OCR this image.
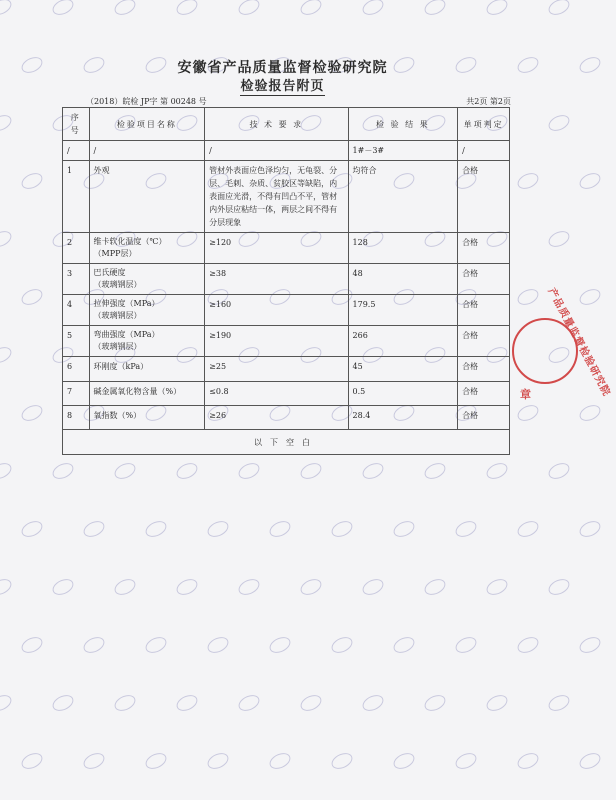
安徽省产品质量监督检验研究院
检验报告附页
（2018）皖检 JP字 第 00248 号	共2页 第2页
序号	检验项目名称	技 术 要 求	检 验 结 果	单项判定
/	/	/	1#－3#	/
1	外观	管材外表面应色泽均匀，无龟裂、分层、毛刺、杂质、贫胶区等缺陷，内表面应光滑，不得有凹凸不平，管材内外层应粘结一体，两层之间不得有分层现象	均符合	合格
2	维卡软化温度（℃）
（MPP层）	≥120	128	合格
3	巴氏硬度
（玻璃钢层）	≥38	48	合格
4	拉伸强度（MPa）
（玻璃钢层）	≥160	179.5	合格
5	弯曲强度（MPa）
（玻璃钢层）	≥190	266	合格
6	环刚度（kPa）	≥25	45	合格
7	碱金属氧化物含量（%）	≤0.8	0.5	合格
8	氧指数（%）	≥26	28.4	合格
以下空白				
产品质量监督检验研究院
章
